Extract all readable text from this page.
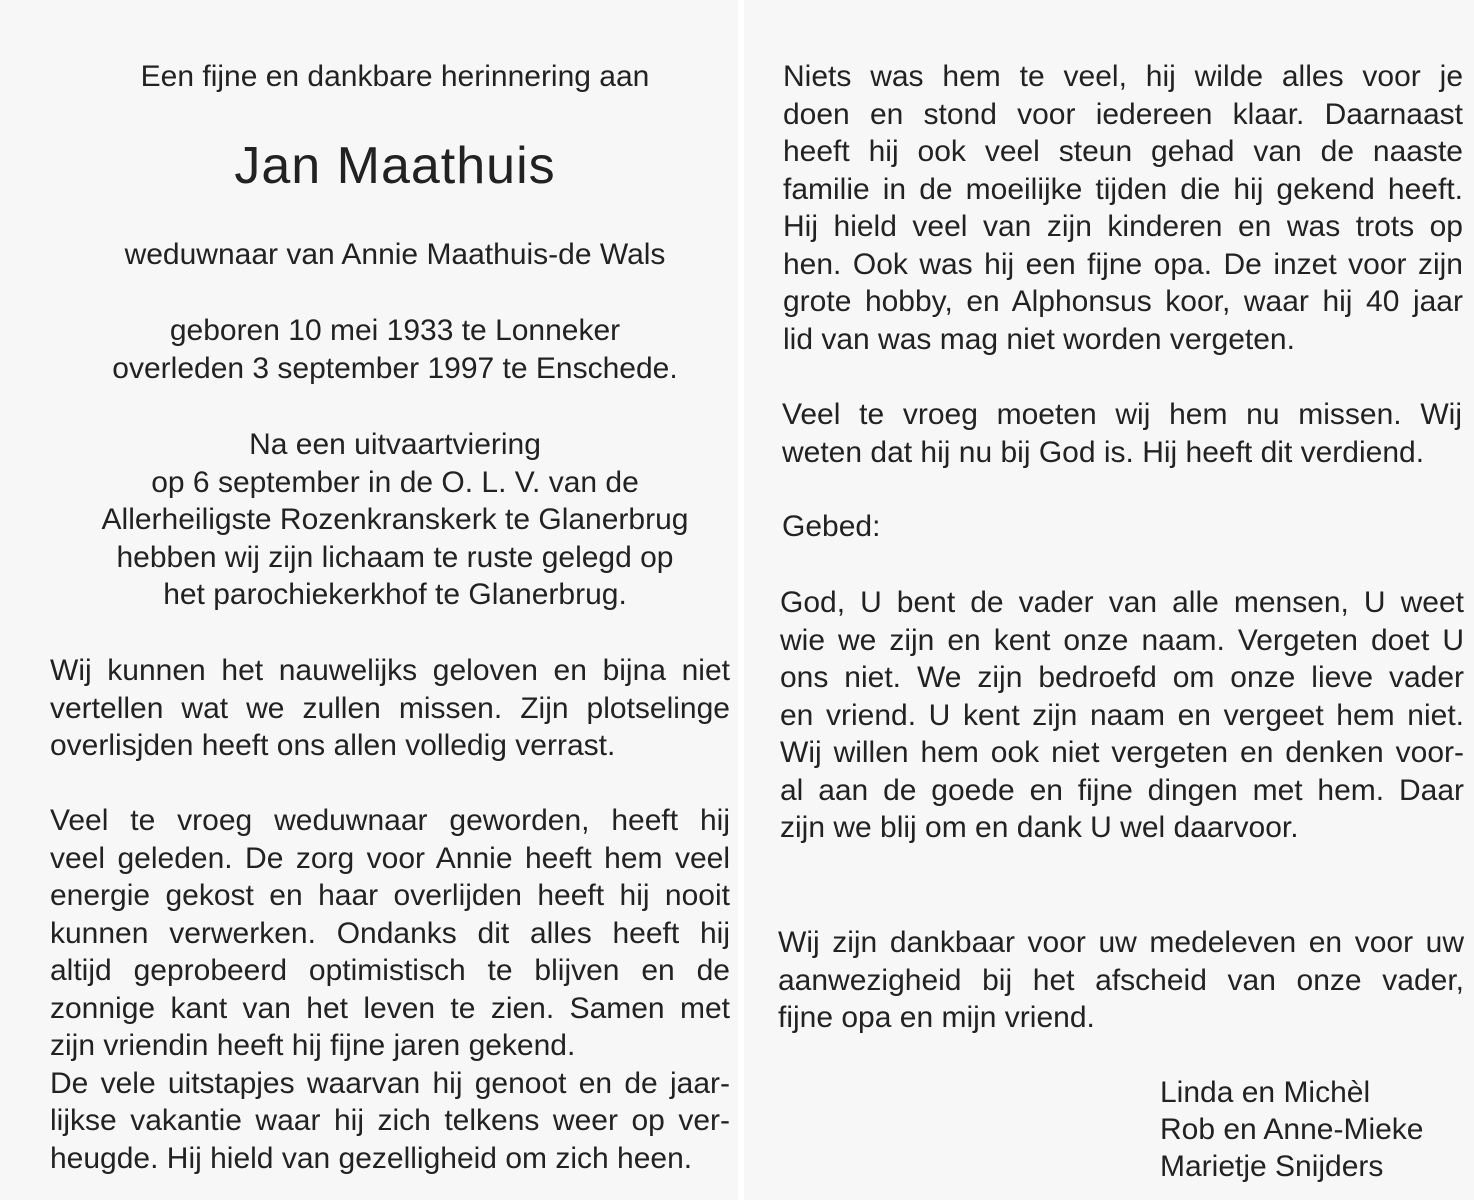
Een fijne en dankbare herinnering aan
Jan Maathuis
weduwnaar van Annie Maathuis-de Wals
geboren 10 mei 1933 te Lonneker
overleden 3 september 1997 te Enschede.
Na een uitvaartviering
op 6 september in de O. L. V. van de
Allerheiligste Rozenkranskerk te Glanerbrug
hebben wij zijn lichaam te ruste gelegd op
het parochiekerkhof te Glanerbrug.
Wij kunnen het nauwelijks geloven en bijna niet
vertellen wat we zullen missen. Zijn plotselinge
overlisjden heeft ons allen volledig verrast.
Veel te vroeg weduwnaar geworden, heeft hij
veel geleden. De zorg voor Annie heeft hem veel
energie gekost en haar overlijden heeft hij nooit
kunnen verwerken. Ondanks dit alles heeft hij
altijd geprobeerd optimistisch te blijven en de
zonnige kant van het leven te zien. Samen met
zijn vriendin heeft hij fijne jaren gekend.
De vele uitstapjes waarvan hij genoot en de jaar-
lijkse vakantie waar hij zich telkens weer op ver-
heugde. Hij hield van gezelligheid om zich heen.
Niets was hem te veel, hij wilde alles voor je
doen en stond voor iedereen klaar. Daarnaast
heeft hij ook veel steun gehad van de naaste
familie in de moeilijke tijden die hij gekend heeft.
Hij hield veel van zijn kinderen en was trots op
hen. Ook was hij een fijne opa. De inzet voor zijn
grote hobby, en Alphonsus koor, waar hij 40 jaar
lid van was mag niet worden vergeten.
Veel te vroeg moeten wij hem nu missen. Wij
weten dat hij nu bij God is. Hij heeft dit verdiend.
Gebed:
God, U bent de vader van alle mensen, U weet
wie we zijn en kent onze naam. Vergeten doet U
ons niet. We zijn bedroefd om onze lieve vader
en vriend. U kent zijn naam en vergeet hem niet.
Wij willen hem ook niet vergeten en denken voor-
al aan de goede en fijne dingen met hem. Daar
zijn we blij om en dank U wel daarvoor.
Wij zijn dankbaar voor uw medeleven en voor uw
aanwezigheid bij het afscheid van onze vader,
fijne opa en mijn vriend.
Linda en Michèl
Rob en Anne-Mieke
Marietje Snijders
